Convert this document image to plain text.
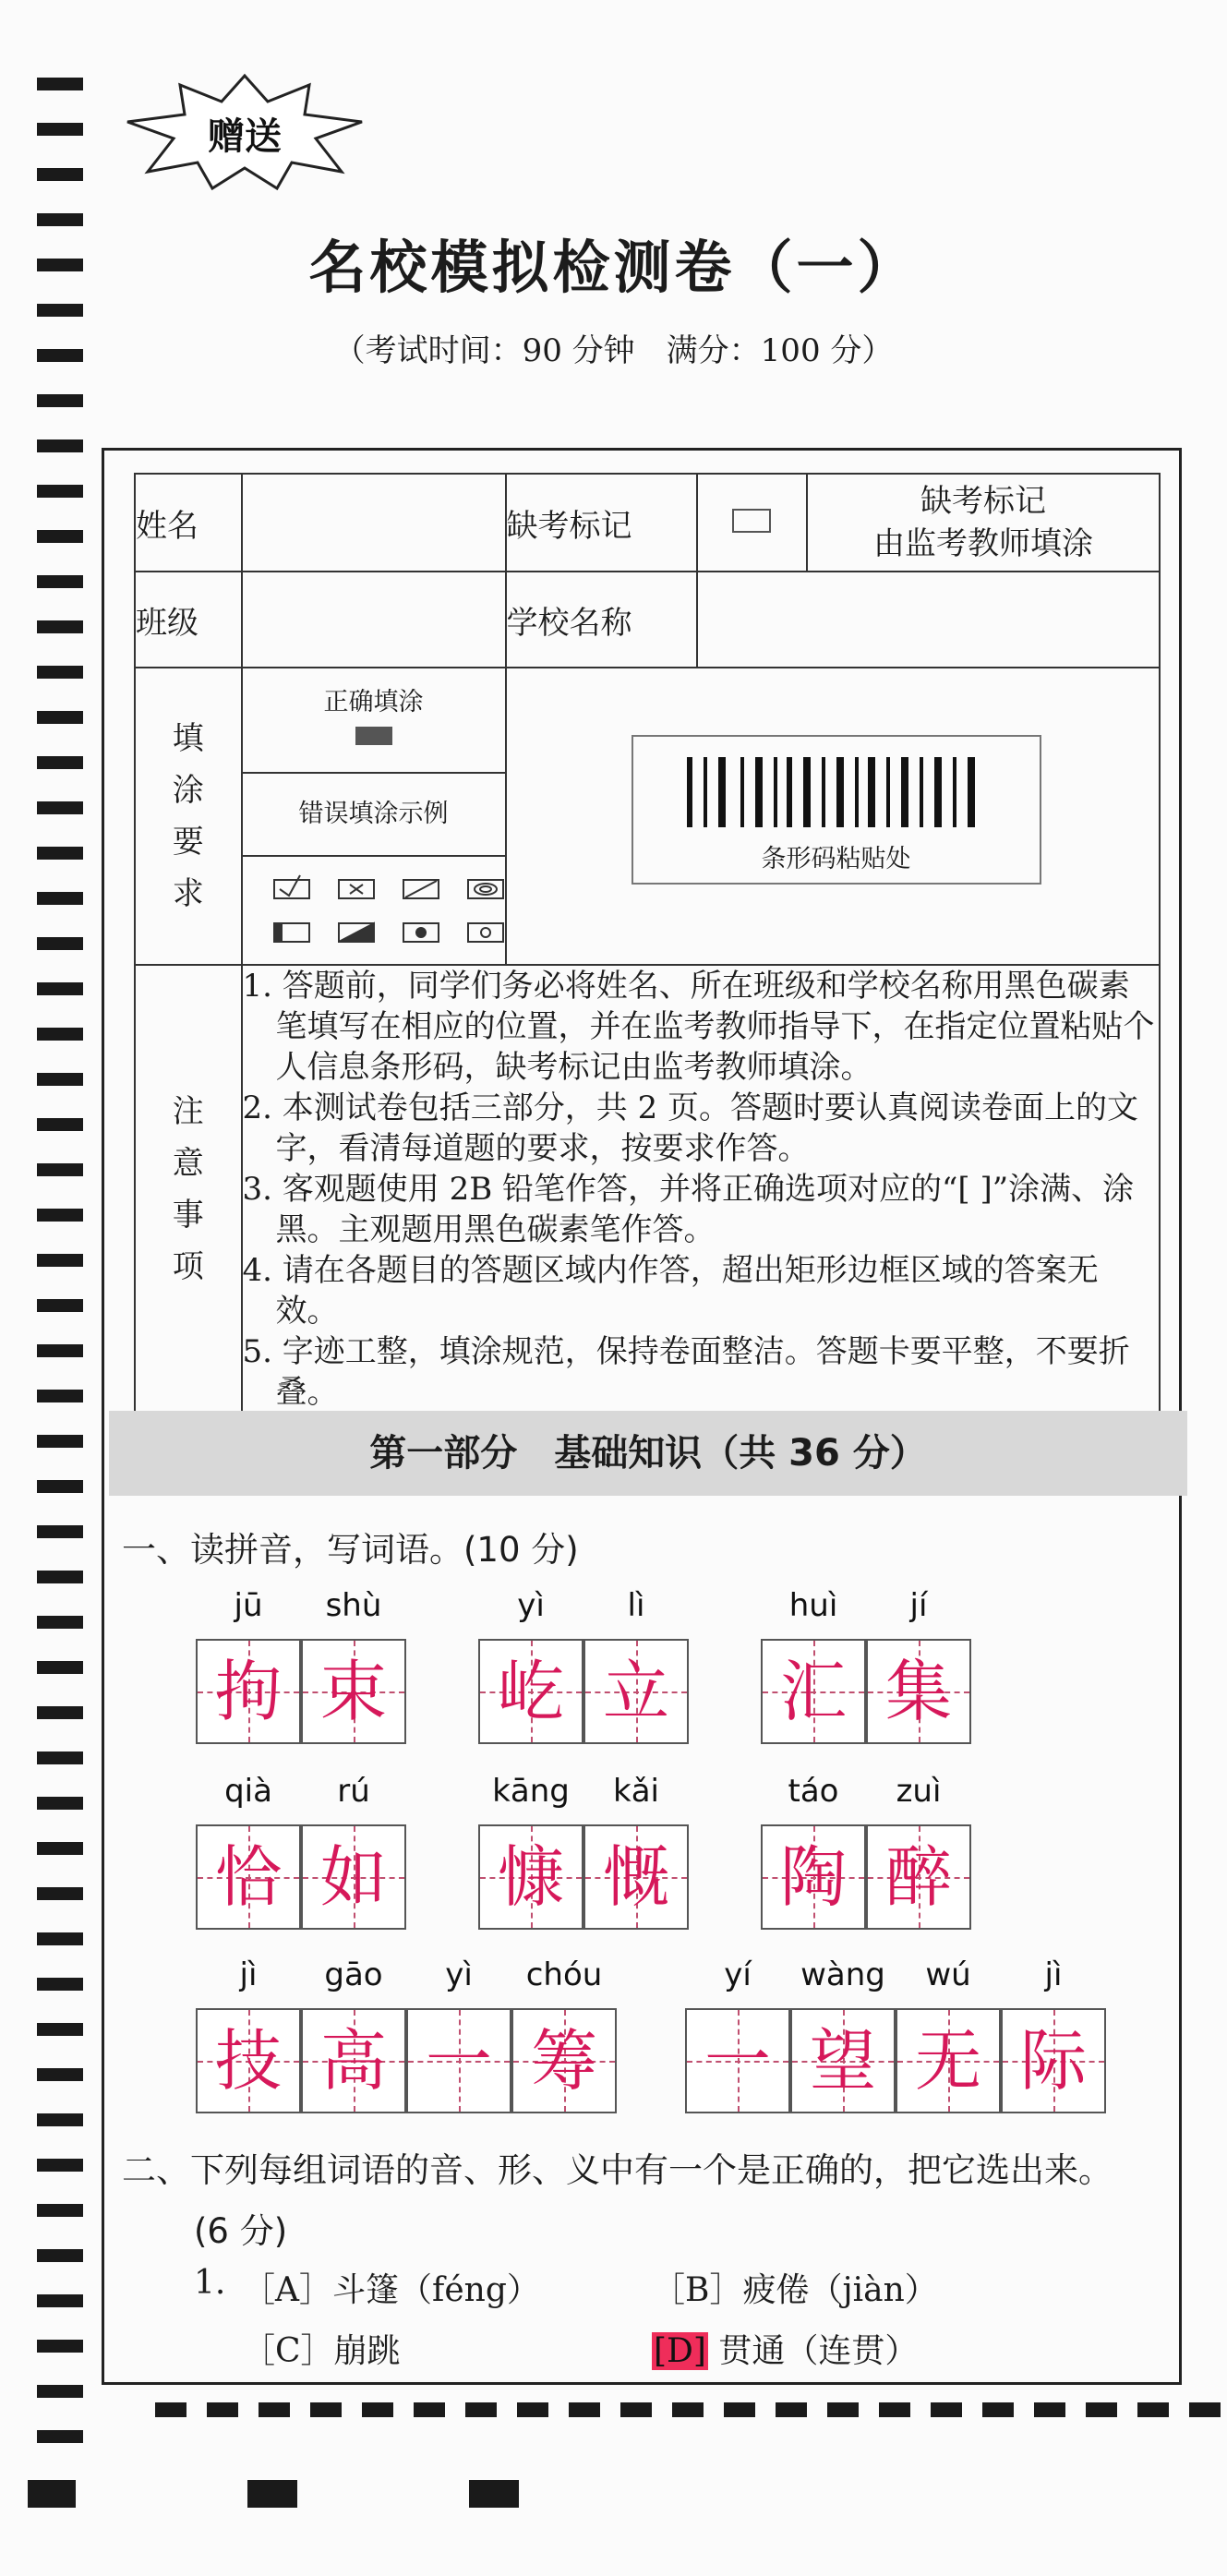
赠送
名校模拟检测卷（一）
（考试时间：90 分钟　满分：100 分）
姓名		缺考标记		缺考标记
由监考教师填涂

班级		学校名称		

填涂要求	正确填涂
错误填涂示例	条形码粘贴处		

注意事项	1. 答题前，同学们务必将姓名、所在班级和学校名称用黑色碳素笔填写在相应的位置，并在监考教师指导下，在指定位置粘贴个人信息条形码，缺考标记由监考教师填涂。
2. 本测试卷包括三部分，共 2 页。答题时要认真阅读卷面上的文字，看清每道题的要求，按要求作答。
3. 客观题使用 2B 铅笔作答，并将正确选项对应的“[ ]”涂满、涂黑。主观题用黑色碳素笔作答。
4. 请在各题目的答题区域内作答，超出矩形边框区域的答案无效。
5. 字迹工整，填涂规范，保持卷面整洁。答题卡要平整，不要折叠。			
第一部分　基础知识（共 36 分）
一、读拼音，写词语。(10 分)
jū
拘
shù
束
yì
屹
lì
立
huì
汇
jí
集
qià
恰
rú
如
kāng
慷
kǎi
慨
táo
陶
zuì
醉
jì
技
gāo
高
yì
一
chóu
筹
yí
一
wàng
望
wú
无
jì
际
二、下列每组词语的音、形、义中有一个是正确的，把它选出来。
(6 分)
1. ［A］斗篷（féng）	［B］疲倦（jiàn）
［C］崩跳	[D] 贯通（连贯）
